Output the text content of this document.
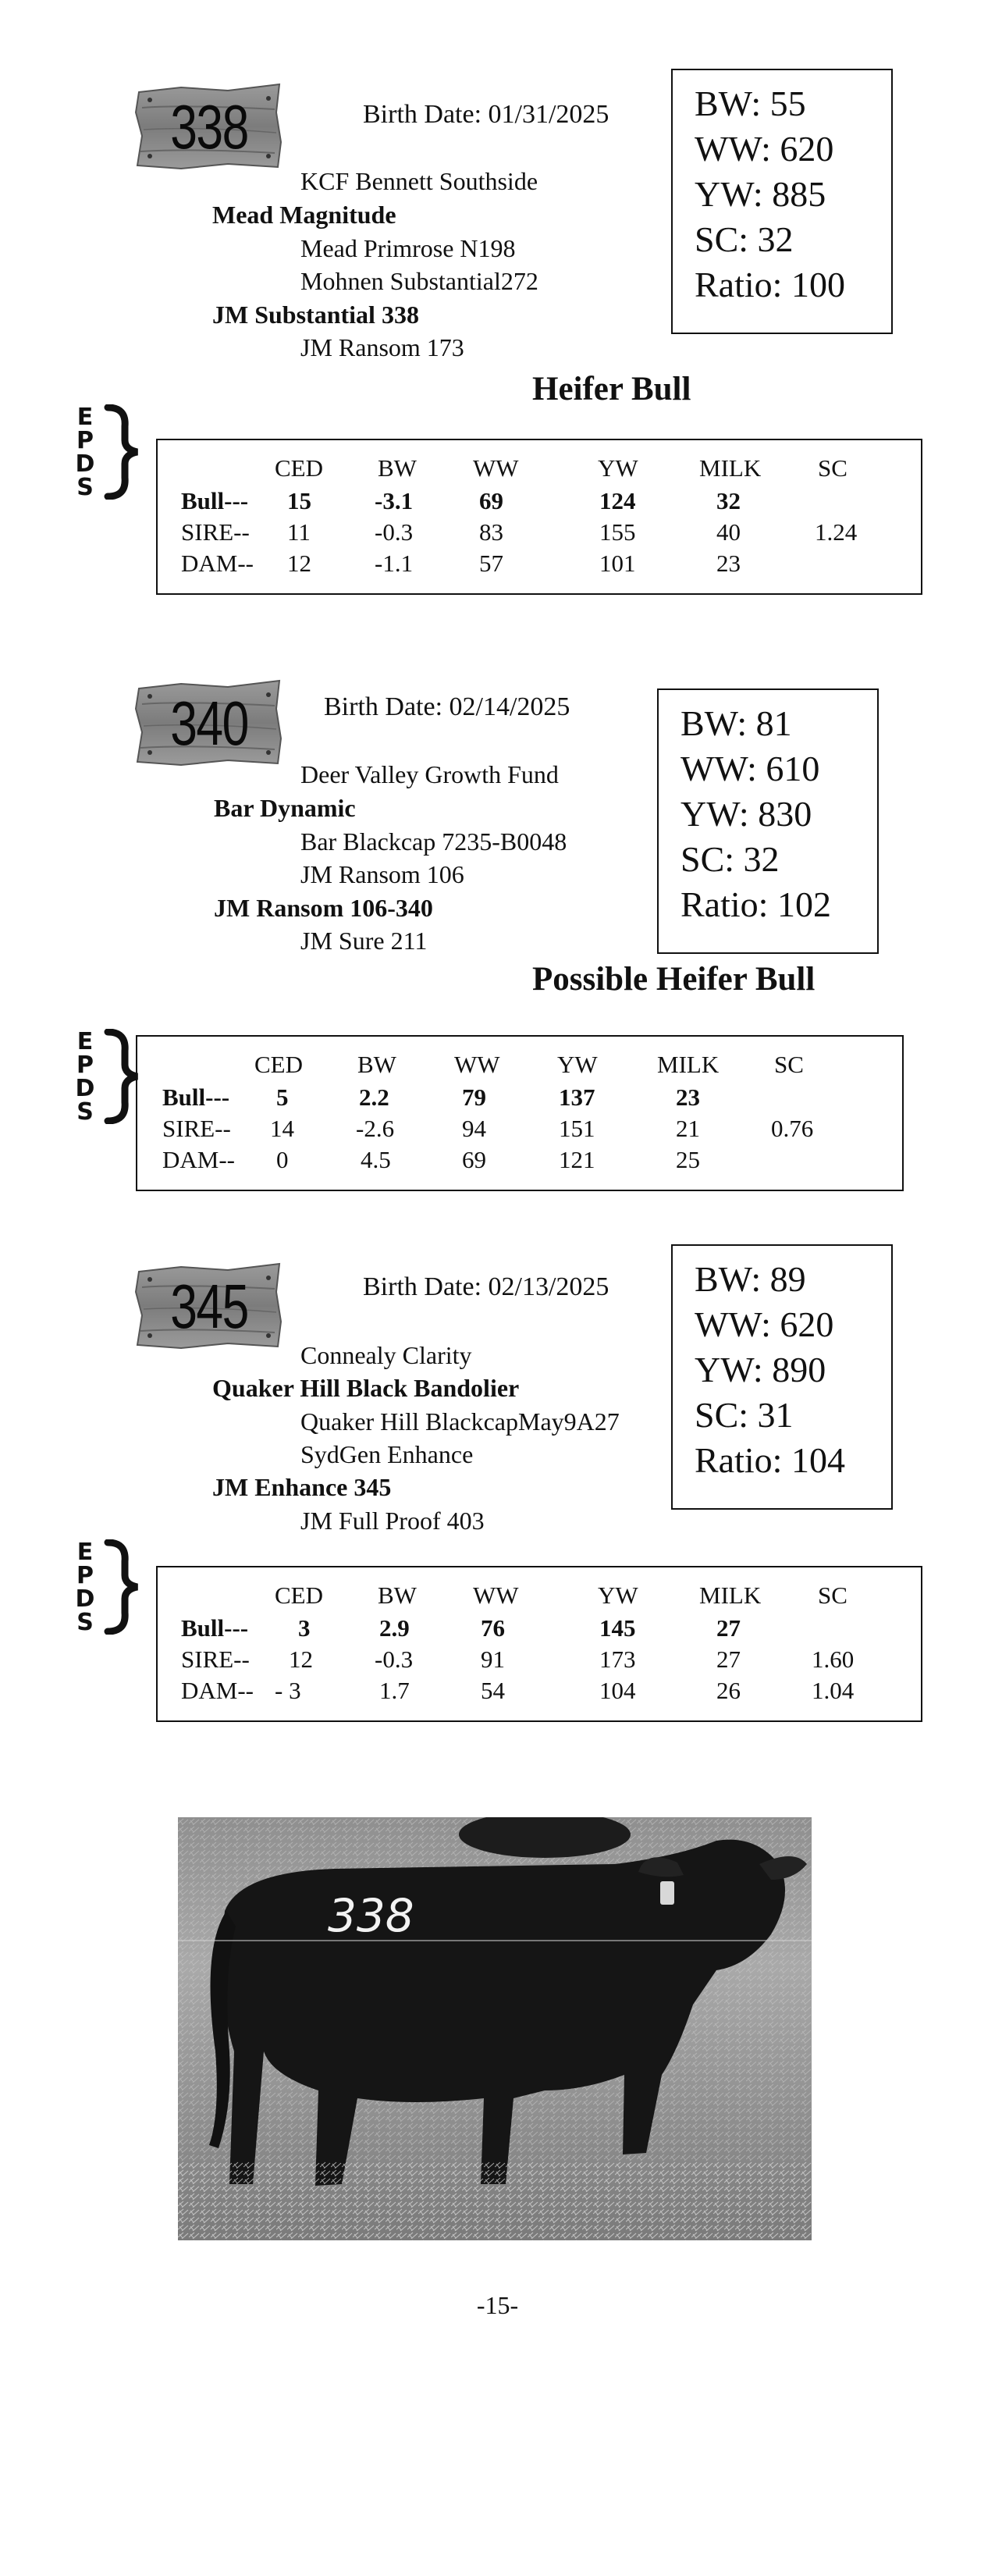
338	Birth Date: 01/31/2025
KCF Bennett Southside
Mead Magnitude
Mead Primrose N198
Mohnen Substantial272
JM Substantial 338
JM Ransom 173
BW: 55
WW: 620
YW: 885
SC: 32
Ratio: 100
Heifer Bull
E
P
D
S
CED BW WW	YW	MILK SC
Bull--- 15	-3.1	69	124	32
SIRE-- 11	-0.3	83	155	40	1.24
DAM-- 12	-1.1	57	101	23
340	Birth Date: 02/14/2025
Deer Valley Growth Fund
Bar Dynamic
Bar Blackcap 7235-B0048
JM Ransom 106
JM Ransom 106-340
JM Sure 211
BW: 81
WW: 610
YW: 830
SC: 32
Ratio: 102
Possible Heifer Bull
E
P
D
S
CED BW WW YW MILK SC
Bull--- 5	2.2	79	137	23
SIRE-- 14	-2.6	94	151	21	0.76
DAM-- 0	4.5	69	121	25
345	Birth Date: 02/13/2025
Connealy Clarity
Quaker Hill Black Bandolier
Quaker Hill BlackcapMay9A27
SydGen Enhance
JM Enhance 345
JM Full Proof 403
BW: 89
WW: 620
YW: 890
SC: 31
Ratio: 104
E
P
D
S
CED BW WW	YW	MILK SC
Bull--- 3	2.9	76	145	27
SIRE-- 12	-0.3	91	173	27	1.60
DAM-- - 3	1.7	54	104	26	1.04
338
-15-
